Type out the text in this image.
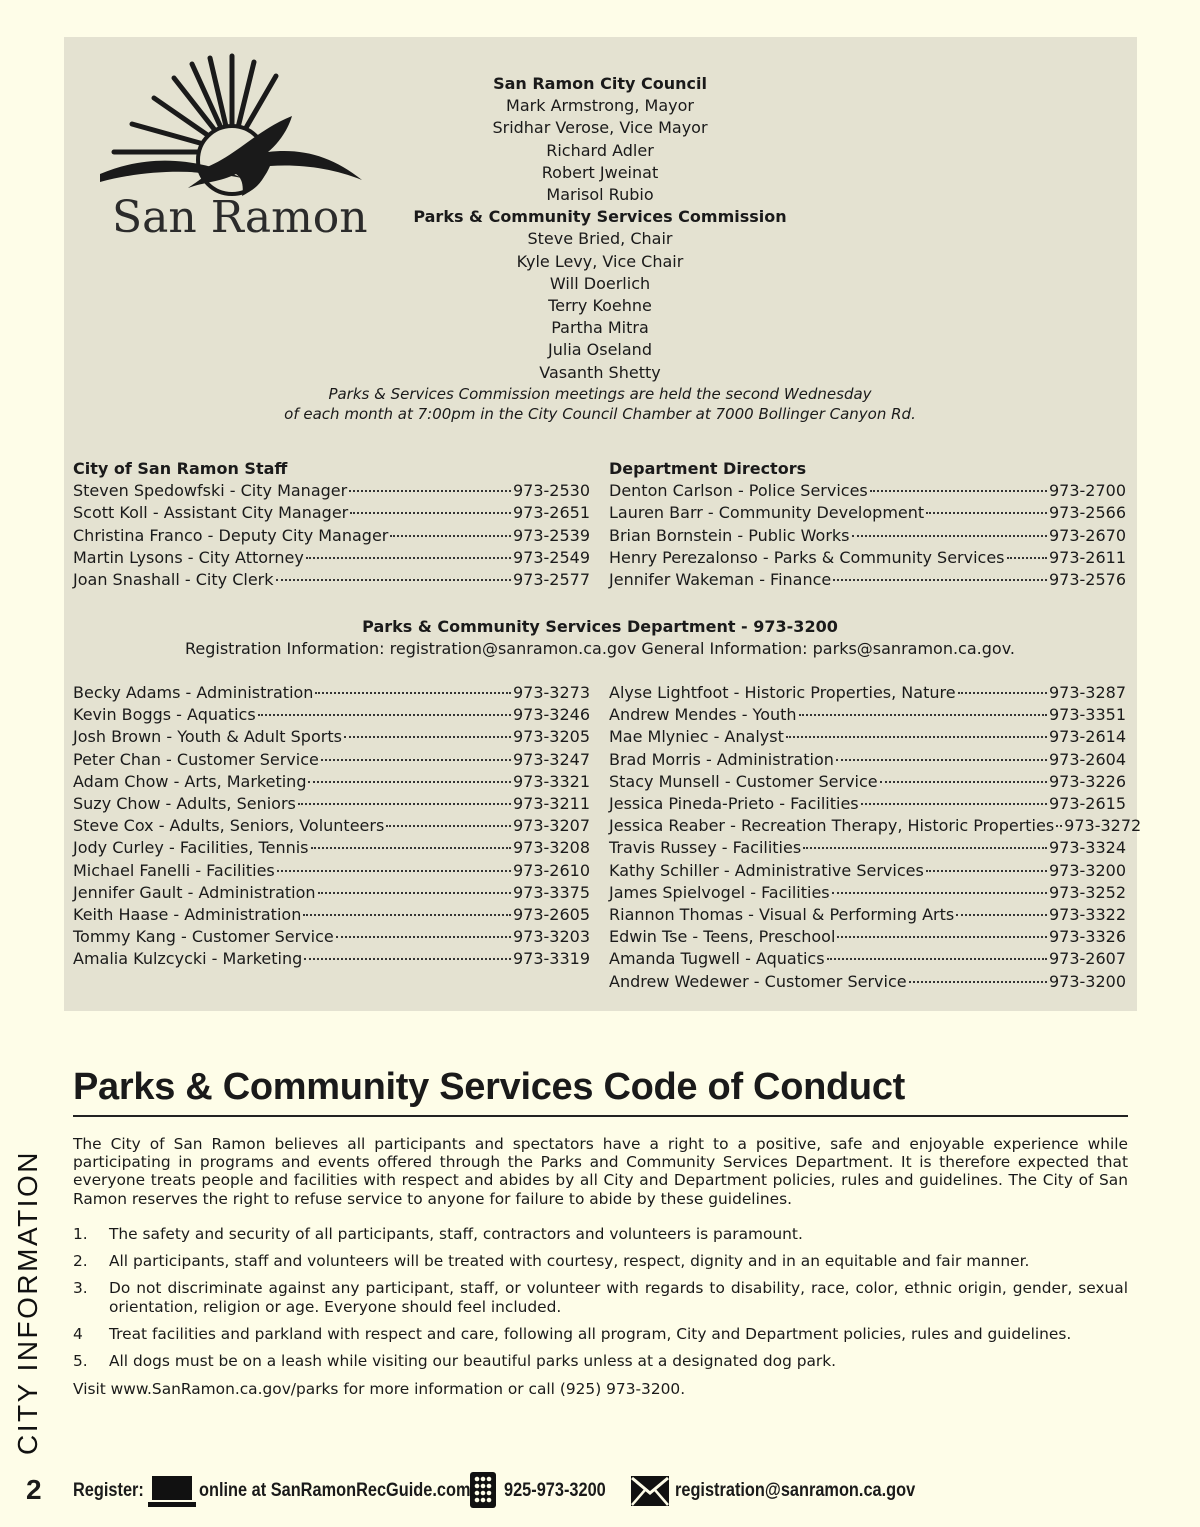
San Ramon
San Ramon City Council
Mark Armstrong, Mayor
Sridhar Verose, Vice Mayor
Richard Adler
Robert Jweinat
Marisol Rubio
Parks & Community Services Commission
Steve Bried, Chair
Kyle Levy, Vice Chair
Will Doerlich
Terry Koehne
Partha Mitra
Julia Oseland
Vasanth Shetty
Parks & Services Commission meetings are held the second Wednesday
of each month at 7:00pm in the City Council Chamber at 7000 Bollinger Canyon Rd.
City of San Ramon Staff
Steven Spedowfski - City Manager	973-2530
Scott Koll - Assistant City Manager	973-2651
Christina Franco - Deputy City Manager	973-2539
Martin Lysons - City Attorney	973-2549
Joan Snashall - City Clerk	973-2577
Department Directors
Denton Carlson - Police Services	973-2700
Lauren Barr - Community Development	973-2566
Brian Bornstein - Public Works	973-2670
Henry Perezalonso - Parks & Community Services	973-2611
Jennifer Wakeman - Finance	973-2576
Parks & Community Services Department - 973-3200
Registration Information: registration@sanramon.ca.gov General Information: parks@sanramon.ca.gov.
Becky Adams - Administration	973-3273
Kevin Boggs - Aquatics	973-3246
Josh Brown - Youth & Adult Sports	973-3205
Peter Chan - Customer Service	973-3247
Adam Chow - Arts, Marketing	973-3321
Suzy Chow - Adults, Seniors	973-3211
Steve Cox - Adults, Seniors, Volunteers	973-3207
Jody Curley - Facilities, Tennis	973-3208
Michael Fanelli - Facilities	973-2610
Jennifer Gault - Administration	973-3375
Keith Haase - Administration	973-2605
Tommy Kang - Customer Service	973-3203
Amalia Kulzcycki - Marketing	973-3319
Alyse Lightfoot - Historic Properties, Nature	973-3287
Andrew Mendes - Youth	973-3351
Mae Mlyniec - Analyst	973-2614
Brad Morris - Administration	973-2604
Stacy Munsell - Customer Service	973-3226
Jessica Pineda-Prieto - Facilities	973-2615
Jessica Reaber - Recreation Therapy, Historic Properties 973-3272
Travis Russey - Facilities	973-3324
Kathy Schiller - Administrative Services	973-3200
James Spielvogel - Facilities	973-3252
Riannon Thomas - Visual & Performing Arts	973-3322
Edwin Tse - Teens, Preschool	973-3326
Amanda Tugwell - Aquatics	973-2607
Andrew Wedewer - Customer Service	973-3200
Parks & Community Services Code of Conduct
The City of San Ramon believes all participants and spectators have a right to a positive, safe and enjoyable experience while participating in programs and events offered through the Parks and Community Services Department. It is therefore expected that everyone treats people and facilities with respect and abides by all City and Department policies, rules and guidelines. The City of San Ramon reserves the right to refuse service to anyone for failure to abide by these guidelines.
1.	The safety and security of all participants, staff, contractors and volunteers is paramount.
2.	All participants, staff and volunteers will be treated with courtesy, respect, dignity and in an equitable and fair manner.
3.	Do not discriminate against any participant, staff, or volunteer with regards to disability, race, color, ethnic origin, gender, sexual orientation, religion or age. Everyone should feel included.
4	Treat facilities and parkland with respect and care, following all program, City and Department policies, rules and guidelines.
5.	All dogs must be on a leash while visiting our beautiful parks unless at a designated dog park.
Visit www.SanRamon.ca.gov/parks for more information or call (925) 973-3200.
CITY INFORMATION
2 Register:	online at SanRamonRecGuide.com 925-973-3200	registration@sanramon.ca.gov
